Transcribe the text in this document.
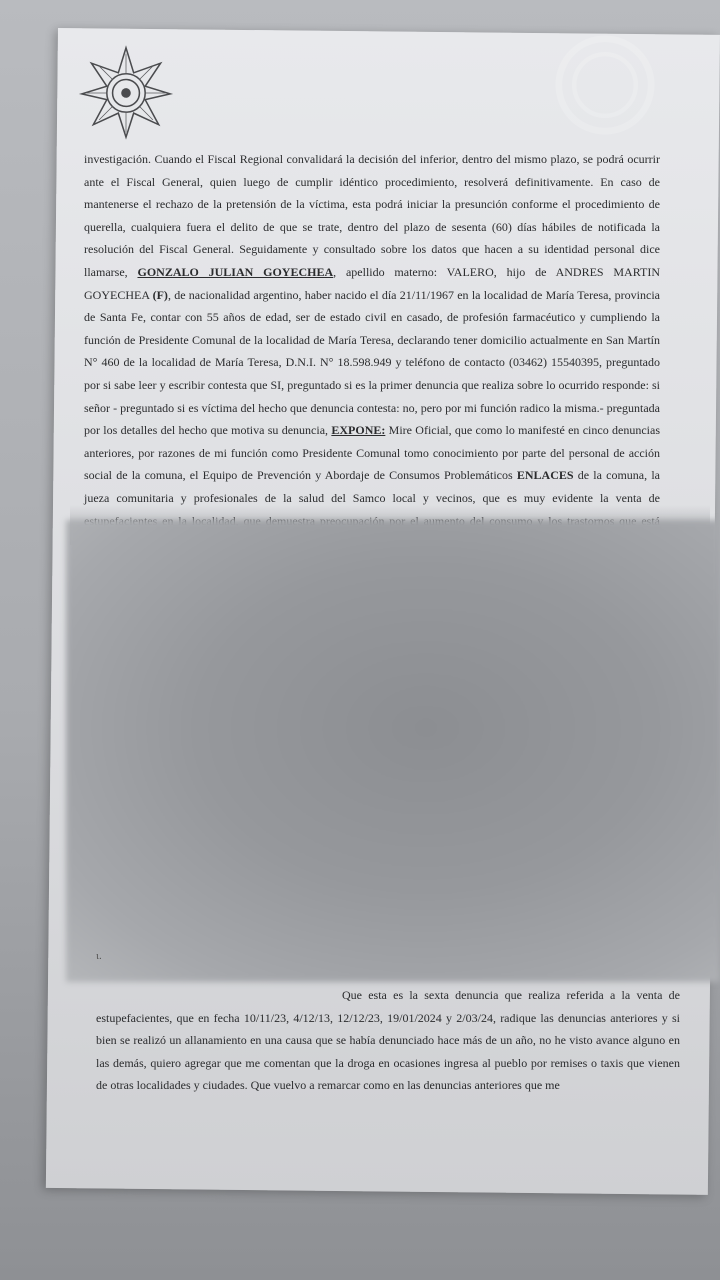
investigación. Cuando el Fiscal Regional convalidará la decisión del inferior, dentro del mismo plazo, se podrá ocurrir ante el Fiscal General, quien luego de cumplir idéntico procedimiento, resolverá definitivamente. En caso de mantenerse el rechazo de la pretensión de la víctima, esta podrá iniciar la presunción conforme el procedimiento de querella, cualquiera fuera el delito de que se trate, dentro del plazo de sesenta (60) días hábiles de notificada la resolución del Fiscal General. Seguidamente y consultado sobre los datos que hacen a su identidad personal dice llamarse, GONZALO JULIAN GOYECHEA, apellido materno: VALERO, hijo de ANDRES MARTIN GOYECHEA (F), de nacionalidad argentino, haber nacido el día 21/11/1967 en la localidad de María Teresa, provincia de Santa Fe, contar con 55 años de edad, ser de estado civil en casado, de profesión farmacéutico y cumpliendo la función de Presidente Comunal de la localidad de María Teresa, declarando tener domicilio actualmente en San Martín N° 460 de la localidad de María Teresa, D.N.I. N° 18.598.949 y teléfono de contacto (03462) 15540395, preguntado por si sabe leer y escribir contesta que SI, preguntado si es la primer denuncia que realiza sobre lo ocurrido responde: si señor - preguntado si es víctima del hecho que denuncia contesta: no, pero por mi función radico la misma.- preguntada por los detalles del hecho que motiva su denuncia, EXPONE: Mire Oficial, que como lo manifesté en cinco denuncias anteriores, por razones de mi función como Presidente Comunal tomo conocimiento por parte del personal de acción social de la comuna, el Equipo de Prevención y Abordaje de Consumos Problemáticos ENLACES de la comuna, la jueza comunitaria y profesionales de la salud del Samco local y vecinos, que es muy evidente la venta de

ι.

Que esta es la sexta denuncia que realiza referida a la venta de estupefacientes, que en fecha 10/11/23, 4/12/13, 12/12/23, 19/01/2024 y 2/03/24, radique las denuncias anteriores y si bien se realizó un allanamiento en una causa que se había denunciado hace más de un año, no he visto avance alguno en las demás, quiero agregar que me comentan que la droga en ocasiones ingresa al pueblo por remises o taxis que vienen de otras localidades y ciudades. Que vuelvo a remarcar como en las denuncias anteriores que me
